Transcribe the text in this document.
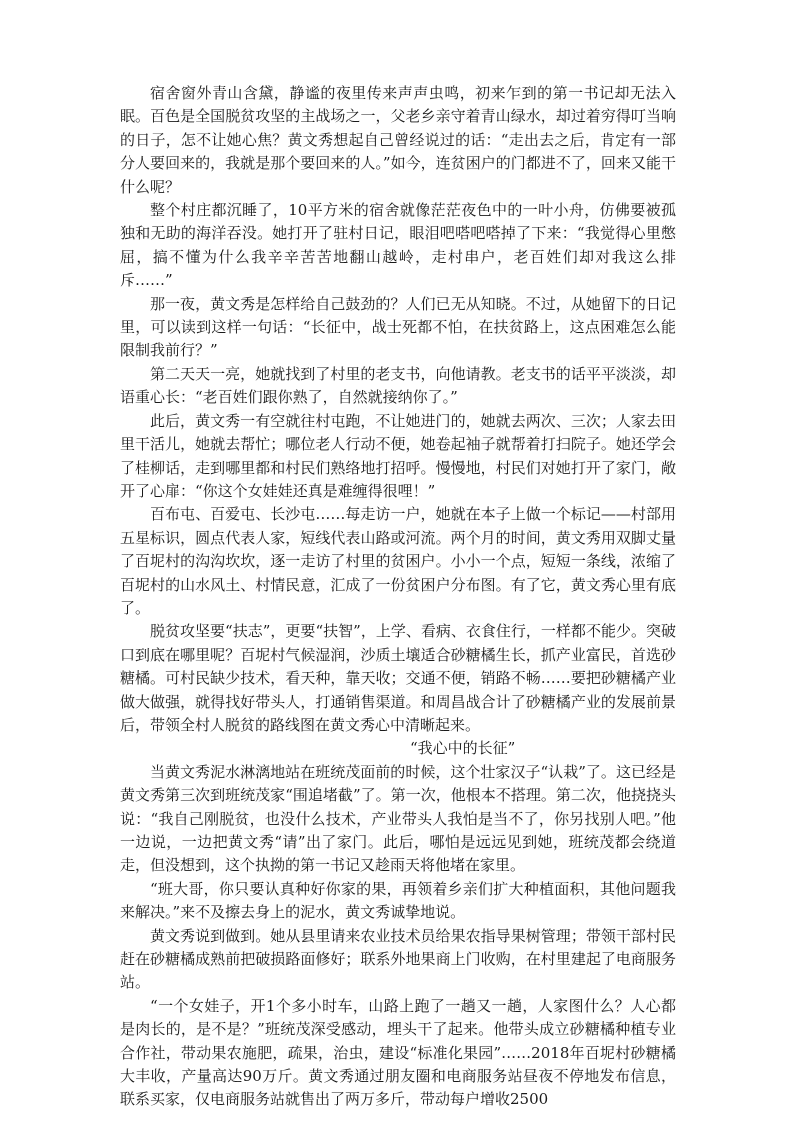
宿舍窗外青山含黛，静谧的夜里传来声声虫鸣，初来乍到的第一书记却无法入眠。百色是全国脱贫攻坚的主战场之一，父老乡亲守着青山绿水，却过着穷得叮当响的日子，怎不让她心焦？黄文秀想起自己曾经说过的话：“走出去之后，肯定有一部分人要回来的，我就是那个要回来的人。”如今，连贫困户的门都进不了，回来又能干什么呢？

整个村庄都沉睡了，10平方米的宿舍就像茫茫夜色中的一叶小舟，仿佛要被孤独和无助的海洋吞没。她打开了驻村日记，眼泪吧嗒吧嗒掉了下来：“我觉得心里憋屈，搞不懂为什么我辛辛苦苦地翻山越岭，走村串户，老百姓们却对我这么排斥……”

那一夜，黄文秀是怎样给自己鼓劲的？人们已无从知晓。不过，从她留下的日记里，可以读到这样一句话：“长征中，战士死都不怕，在扶贫路上，这点困难怎么能限制我前行？”

第二天天一亮，她就找到了村里的老支书，向他请教。老支书的话平平淡淡，却语重心长：“老百姓们跟你熟了，自然就接纳你了。”

此后，黄文秀一有空就往村屯跑，不让她进门的，她就去两次、三次；人家去田里干活儿，她就去帮忙；哪位老人行动不便，她卷起袖子就帮着打扫院子。她还学会了桂柳话，走到哪里都和村民们熟络地打招呼。慢慢地，村民们对她打开了家门，敞开了心扉：“你这个女娃娃还真是难缠得很哩！”

百布屯、百爱屯、长沙屯……每走访一户，她就在本子上做一个标记——村部用五星标识，圆点代表人家，短线代表山路或河流。两个月的时间，黄文秀用双脚丈量了百坭村的沟沟坎坎，逐一走访了村里的贫困户。小小一个点，短短一条线，浓缩了百坭村的山水风土、村情民意，汇成了一份贫困户分布图。有了它，黄文秀心里有底了。

脱贫攻坚要“扶志”，更要“扶智”，上学、看病、衣食住行，一样都不能少。突破口到底在哪里呢？百坭村气候湿润，沙质土壤适合砂糖橘生长，抓产业富民，首选砂糖橘。可村民缺少技术，看天种，靠天收；交通不便，销路不畅……要把砂糖橘产业做大做强，就得找好带头人，打通销售渠道。和周昌战合计了砂糖橘产业的发展前景后，带领全村人脱贫的路线图在黄文秀心中清晰起来。

“我心中的长征”

当黄文秀泥水淋漓地站在班统茂面前的时候，这个壮家汉子“认栽”了。这已经是黄文秀第三次到班统茂家“围追堵截”了。第一次，他根本不搭理。第二次，他挠挠头说：“我自己刚脱贫，也没什么技术，产业带头人我怕是当不了，你另找别人吧。”他一边说，一边把黄文秀“请”出了家门。此后，哪怕是远远见到她，班统茂都会绕道走，但没想到，这个执拗的第一书记又趁雨天将他堵在家里。

“班大哥，你只要认真种好你家的果，再领着乡亲们扩大种植面积，其他问题我来解决。”来不及擦去身上的泥水，黄文秀诚挚地说。

黄文秀说到做到。她从县里请来农业技术员给果农指导果树管理；带领干部村民赶在砂糖橘成熟前把破损路面修好；联系外地果商上门收购，在村里建起了电商服务站。

“一个女娃子，开1个多小时车，山路上跑了一趟又一趟，人家图什么？人心都是肉长的，是不是？”班统茂深受感动，埋头干了起来。他带头成立砂糖橘种植专业合作社，带动果农施肥，疏果，治虫，建设“标准化果园”……2018年百坭村砂糖橘大丰收，产量高达90万斤。黄文秀通过朋友圈和电商服务站昼夜不停地发布信息，联系买家，仅电商服务站就售出了两万多斤，带动每户增收2500
